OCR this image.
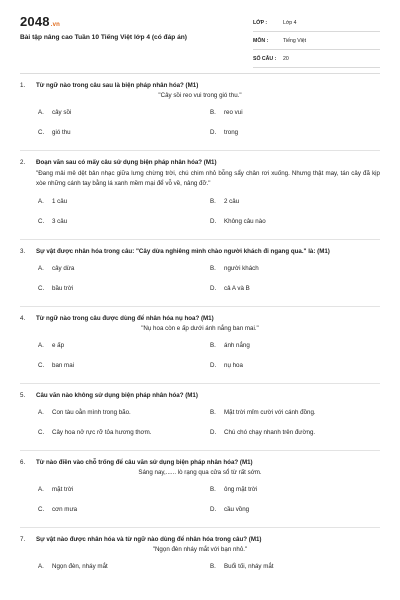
2048.vn
Bài tập nâng cao Tuần 10 Tiếng Việt lớp 4 (có đáp án)
LỚP :	Lớp 4
MÔN :	Tiếng Việt
SỐ CÂU :	20
1.	Từ ngữ nào trong câu sau là biện pháp nhân hóa? (M1)
"Cây sồi reo vui trong gió thu."
A.	cây sồi	B.	reo vui
C.	gió thu	D.	trong
2.	Đoạn văn sau có mấy câu sử dụng biện pháp nhân hóa? (M1)
"Đang mải mê dệt bản nhạc giữa lưng chừng trời, chú chim nhỏ bỗng sẩy chân rơi xuống. Nhưng thật may, tán cây đã kịp xòe những cánh tay bằng lá xanh mềm mại để vỗ về, nâng đỡ."
A.	1 câu	B.	2 câu
C.	3 câu	D.	Không câu nào
3.	Sự vật được nhân hóa trong câu: "Cây dừa nghiêng mình chào người khách đi ngang qua." là: (M1)
A.	cây dừa	B.	người khách
C.	bầu trời	D.	cả A và B
4.	Từ ngữ nào trong câu được dùng để nhân hóa nụ hoa? (M1)
"Nụ hoa còn e ấp dưới ánh nắng ban mai."
A.	e ấp	B.	ánh nắng
C.	ban mai	D.	nụ hoa
5.	Câu văn nào không sử dụng biện pháp nhân hóa? (M1)
A.	Con tàu oằn mình trong bão.	B.	Mặt trời mỉm cười với cánh đồng.
C.	Cây hoa nở rực rỡ tỏa hương thơm.	D.	Chú chó chạy nhanh trên đường.
6.	Từ nào điền vào chỗ trống để câu văn sử dụng biện pháp nhân hóa? (M1)
Sáng nay,...... lò rạng qua cửa sổ từ rất sớm.
A.	mặt trời	B.	ông mặt trời
C.	cơn mưa	D.	cầu vồng
7.	Sự vật nào được nhân hóa và từ ngữ nào dùng để nhân hóa trong câu? (M1)
"Ngọn đèn nháy mắt với bạn nhỏ."
A.	Ngọn đèn, nháy mắt	B.	Buổi tối, nháy mắt
